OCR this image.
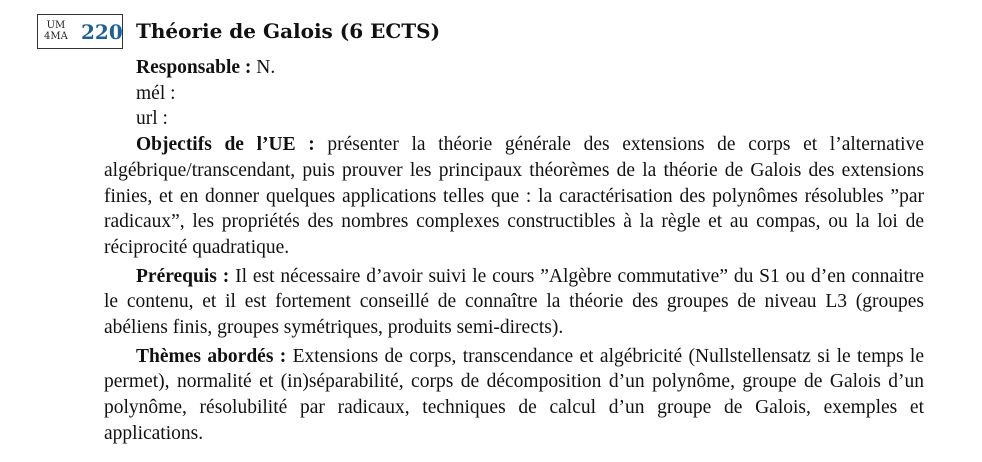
UM
4MA 220 Théorie de Galois (6 ECTS)

Responsable : N.

mél :

url :

Objectifs de l’UE : présenter la théorie générale des extensions de corps et l’alternative algébrique/transcendant, puis prouver les principaux théorèmes de la théorie de Galois des extensions finies, et en donner quelques applications telles que : la caractérisation des polynômes résolubles ”par radicaux”, les propriétés des nombres complexes constructibles à la règle et au compas, ou la loi de réciprocité quadratique.

Prérequis : Il est nécessaire d’avoir suivi le cours ”Algèbre commutative” du S1 ou d’en connaitre le contenu, et il est fortement conseillé de connaître la théorie des groupes de niveau L3 (groupes abéliens finis, groupes symétriques, produits semi-directs).

Thèmes abordés : Extensions de corps, transcendance et algébricité (Nullstellensatz si le temps le permet), normalité et (in)séparabilité, corps de décomposition d’un polynôme, groupe de Galois d’un polynôme, résolubilité par radicaux, techniques de calcul d’un groupe de Galois, exemples et applications.
